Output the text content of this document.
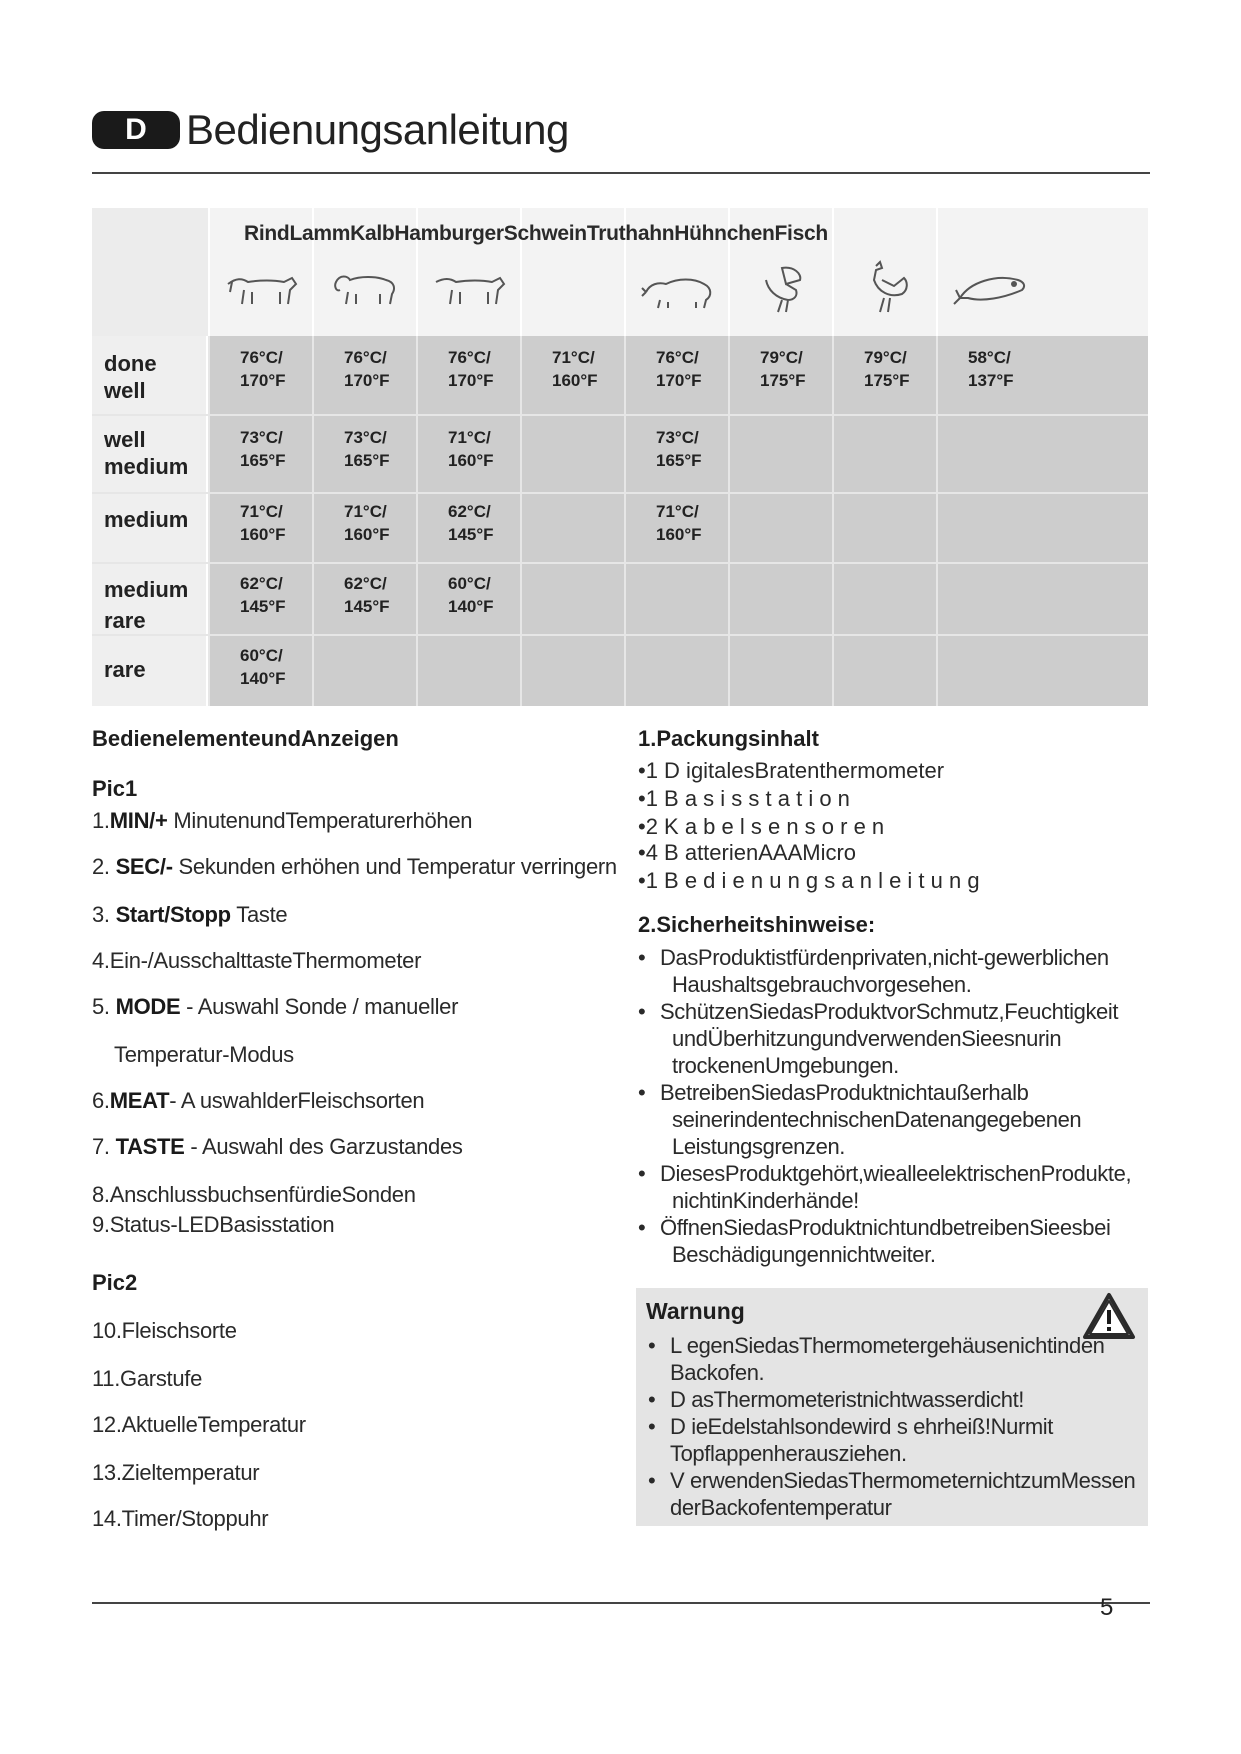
D Bedienungsanleitung
RindLammKalbHamburgerSchweinTruthahnHühnchenFisch
done
well
76°C/
170°F
76°C/
170°F
76°C/
170°F
71°C/
160°F
76°C/
170°F
79°C/
175°F
79°C/
175°F
58°C/
137°F
well
medium
73°C/
165°F
73°C/
165°F
71°C/
160°F
73°C/
165°F
medium	71°C/
160°F
71°C/
160°F
62°C/
145°F
71°C/
160°F
medium
rare
62°C/
145°F
62°C/
145°F
60°C/
140°F
rare
60°C/
140°F
BedienelementeundAnzeigen
Pic1
1.MIN/+ MinutenundTemperaturerhöhen
2. SEC/- Sekunden erhöhen und Temperatur verringern
3. Start/Stopp Taste
4.Ein-/AusschalttasteThermometer
5. MODE - Auswahl Sonde / manueller
Temperatur-Modus
6.MEAT- A uswahlderFleischsorten
7. TASTE - Auswahl des Garzustandes
8.AnschlussbuchsenfürdieSonden
9.Status-LEDBasisstation
Pic2
10.Fleischsorte
11.Garstufe
12.AktuelleTemperatur
13.Zieltemperatur
14.Timer/Stoppuhr
1.Packungsinhalt
•1 D igitalesBratenthermometer
•1 B a s i s s t a t i o n
•2 K a b e l s e n s o r e n
•4 B atterienAAAMicro
•1 B e d i e n u n g s a n l e i t u n g
2.Sicherheitshinweise:
• DasProduktistfürdenprivaten,nicht-gewerblichen
Haushaltsgebrauchvorgesehen.
• SchützenSiedasProduktvorSchmutz,Feuchtigkeit
undÜberhitzungundverwendenSieesnurin
trockenenUmgebungen.
• BetreibenSiedasProduktnichtaußerhalb
seinerindentechnischenDatenangegebenen
Leistungsgrenzen.
• DiesesProduktgehört,wiealleelektrischenProdukte,
nichtinKinderhände!
• ÖffnenSiedasProduktnichtundbetreibenSieesbei
Beschädigungennichtweiter.
Warnung
• L egenSiedasThermometergehäusenichtinden
Backofen.
• D asThermometeristnichtwasserdicht!
• D ieEdelstahlsondewird s ehrheiß!Nurmit
Topflappenherausziehen.
• V erwendenSiedasThermometernichtzumMessen
derBackofentemperatur
5
